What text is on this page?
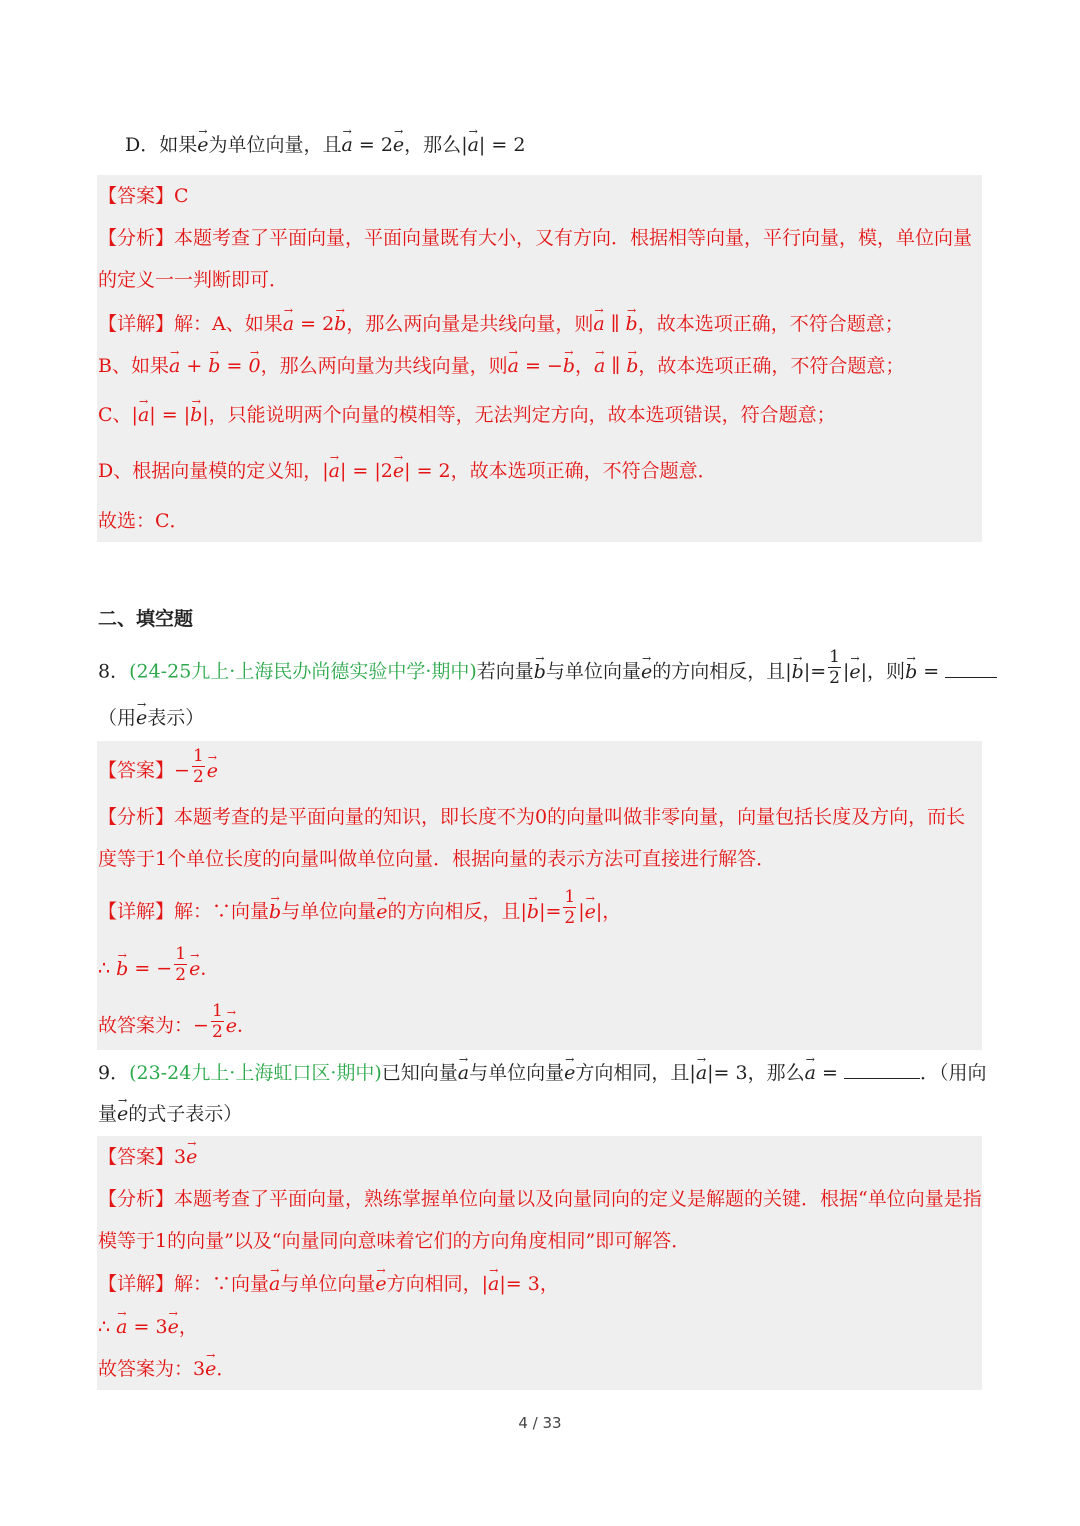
D．如果→ e为单位向量，且→ a = 2→ e，那么|→ a| = 2
【答案】C
【分析】本题考查了平面向量，平面向量既有大小，又有方向．根据相等向量，平行向量，模，单位向量
的定义一一判断即可．
【详解】解：A、如果→ a = 2→ b，那么两向量是共线向量，则→ a ∥ → b，故本选项正确，不符合题意；
B、如果→ a + → b = → 0，那么两向量为共线向量，则→ a = −→ b，→ a ∥ → b，故本选项正确，不符合题意；
C、|→ a| = |→ b|，只能说明两个向量的模相等，无法判定方向，故本选项错误，符合题意；
D、根据向量模的定义知，|→ a| = |2→ e| = 2，故本选项正确，不符合题意．
故选：C．
二、填空题
8．(24-25九上·上海民办尚德实验中学·期中)若向量→ b与单位向量→ e的方向相反，且|→ $b|= \frac{1}{2}$ |→ e|，则→ b =
（用→ e表示）
【答案】− $\frac{1}{2}$
→ e
【分析】本题考查的是平面向量的知识，即长度不为0的向量叫做非零向量，向量包括长度及方向，而长
度等于1个单位长度的向量叫做单位向量．根据向量的表示方法可直接进行解答．
【详解】解：∵向量→ b与单位向量→ e的方向相反，且|→ $b|= \frac{1}{2}$ |→ e|，
∴ → b = − $\frac{1}{2}$
→ e．
故答案为：− $\frac{1}{2}$
→ e．
9．(23-24九上·上海虹口区·期中)已知向量→ a与单位向量→ e方向相同，且|→ a|= 3，那么→ a =	．（用向
量→ e的式子表示）
【答案】3→ e
【分析】本题考查了平面向量，熟练掌握单位向量以及向量同向的定义是解题的关键．根据“单位向量是指
模等于1的向量”以及“向量同向意味着它们的方向角度相同”即可解答．
【详解】解：∵向量→ a与单位向量→ e方向相同，|→ a|= 3，
∴ → a = 3→ e，
故答案为：3→ e．
4 / 33
